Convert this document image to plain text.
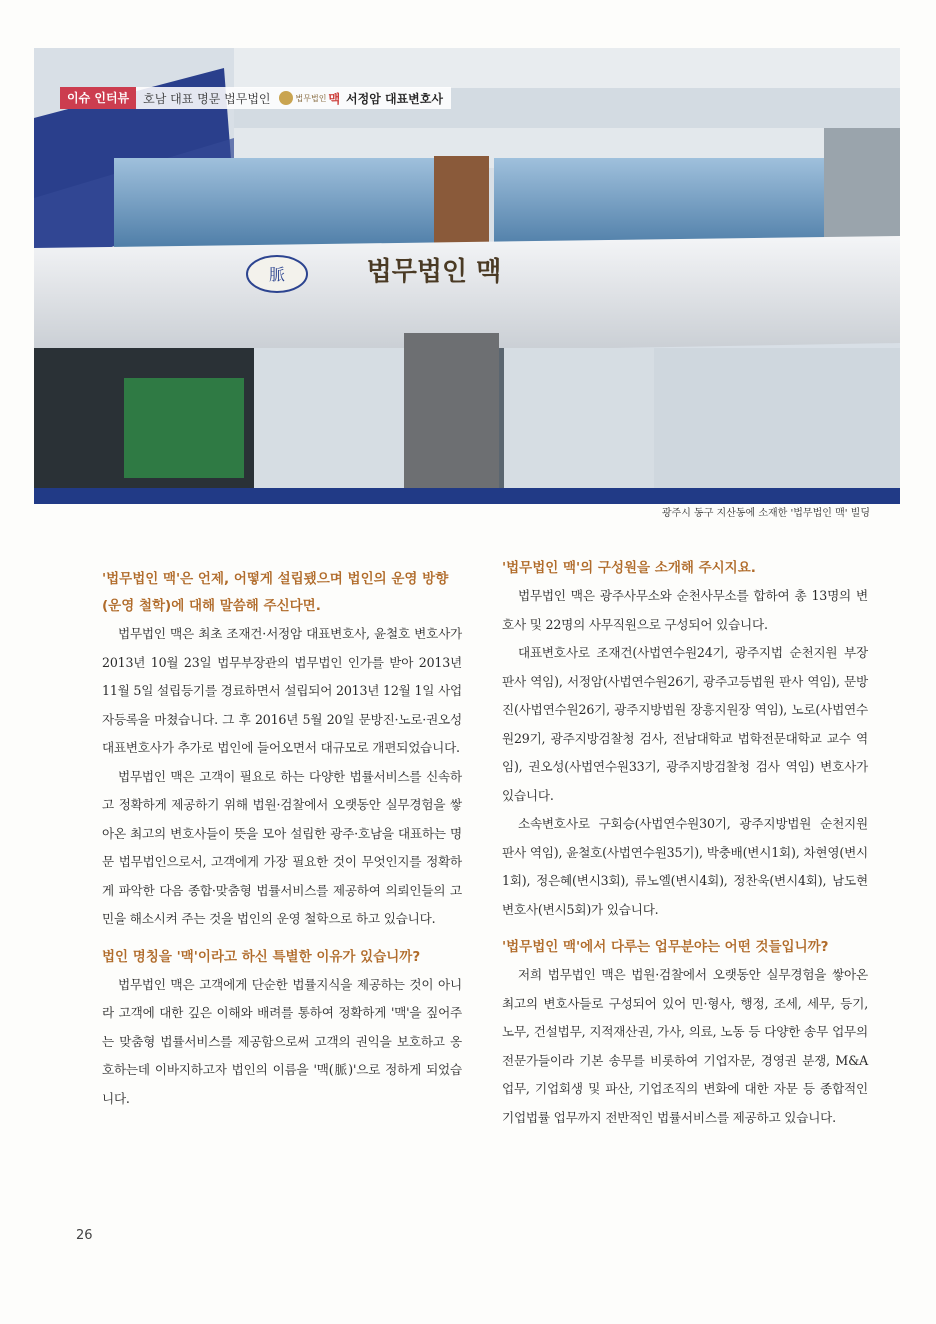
脈	법무법인 맥
이슈 인터뷰	호남 대표 명문 법무법인	법무법인 맥 서정암 대표변호사
광주시 동구 지산동에 소재한 '법무법인 맥' 빌딩

'법무법인 맥'은 언제, 어떻게 설립됐으며 법인의 운영 방향(운영 철학)에 대해 말씀해 주신다면.

법무법인 맥은 최초 조재건·서정암 대표변호사, 윤철호 변호사가 2013년 10월 23일 법무부장관의 법무법인 인가를 받아 2013년 11월 5일 설립등기를 경료하면서 설립되어 2013년 12월 1일 사업자등록을 마쳤습니다. 그 후 2016년 5월 20일 문방진·노로·권오성 대표변호사가 추가로 법인에 들어오면서 대규모로 개편되었습니다.

법무법인 맥은 고객이 필요로 하는 다양한 법률서비스를 신속하고 정확하게 제공하기 위해 법원·검찰에서 오랫동안 실무경험을 쌓아온 최고의 변호사들이 뜻을 모아 설립한 광주·호남을 대표하는 명문 법무법인으로서, 고객에게 가장 필요한 것이 무엇인지를 정확하게 파악한 다음 종합·맞춤형 법률서비스를 제공하여 의뢰인들의 고민을 해소시켜 주는 것을 법인의 운영 철학으로 하고 있습니다.

법인 명칭을 '맥'이라고 하신 특별한 이유가 있습니까?

법무법인 맥은 고객에게 단순한 법률지식을 제공하는 것이 아니라 고객에 대한 깊은 이해와 배려를 통하여 정확하게 '맥'을 짚어주는 맞춤형 법률서비스를 제공함으로써 고객의 권익을 보호하고 옹호하는데 이바지하고자 법인의 이름을 '맥(脈)'으로 정하게 되었습니다.

'법무법인 맥'의 구성원을 소개해 주시지요.

법무법인 맥은 광주사무소와 순천사무소를 합하여 총 13명의 변호사 및 22명의 사무직원으로 구성되어 있습니다.

대표변호사로 조재건(사법연수원24기, 광주지법 순천지원 부장판사 역임), 서정암(사법연수원26기, 광주고등법원 판사 역임), 문방진(사법연수원26기, 광주지방법원 장흥지원장 역임), 노로(사법연수원29기, 광주지방검찰청 검사, 전남대학교 법학전문대학교 교수 역임), 권오성(사법연수원33기, 광주지방검찰청 검사 역임) 변호사가 있습니다.

소속변호사로 구회승(사법연수원30기, 광주지방법원 순천지원 판사 역임), 윤철호(사법연수원35기), 박충배(변시1회), 차현영(변시1회), 정은혜(변시3회), 류노엘(변시4회), 정찬욱(변시4회), 남도현 변호사(변시5회)가 있습니다.

'법무법인 맥'에서 다루는 업무분야는 어떤 것들입니까?

저희 법무법인 맥은 법원·검찰에서 오랫동안 실무경험을 쌓아온 최고의 변호사들로 구성되어 있어 민·형사, 행정, 조세, 세무, 등기, 노무, 건설법무, 지적재산권, 가사, 의료, 노동 등 다양한 송무 업무의 전문가들이라 기본 송무를 비롯하여 기업자문, 경영권 분쟁, M&A 업무, 기업회생 및 파산, 기업조직의 변화에 대한 자문 등 종합적인 기업법률 업무까지 전반적인 법률서비스를 제공하고 있습니다.

26
